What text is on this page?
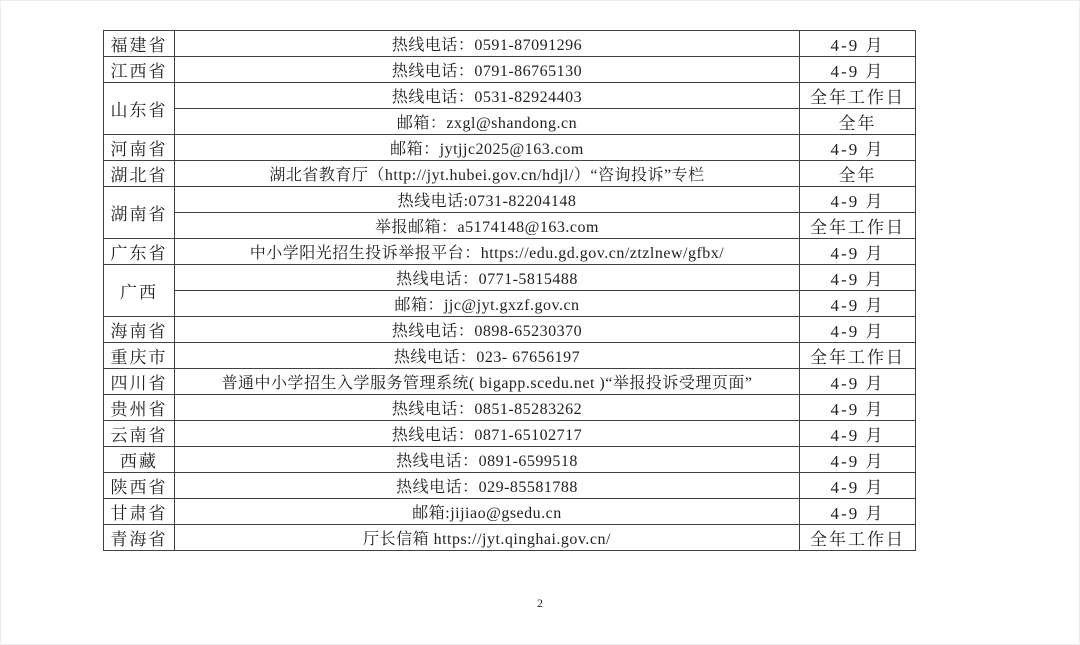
福建省	热线电话：0591-87091296	4-9 月
江西省	热线电话：0791-86765130	4-9 月
山东省	热线电话：0531-82924403	全年工作日
	邮箱：zxgl@shandong.cn	全年
河南省	邮箱：jytjjc2025@163.com	4-9 月
湖北省	湖北省教育厅（http://jyt.hubei.gov.cn/hdjl/）“咨询投诉”专栏	全年
湖南省	热线电话:0731-82204148	4-9 月
	举报邮箱：a5174148@163.com	全年工作日
广东省	中小学阳光招生投诉举报平台：https://edu.gd.gov.cn/ztzlnew/gfbx/	4-9 月
广西	热线电话：0771-5815488	4-9 月
	邮箱：jjc@jyt.gxzf.gov.cn	4-9 月
海南省	热线电话：0898-65230370	4-9 月
重庆市	热线电话：023- 67656197	全年工作日
四川省	普通中小学招生入学服务管理系统( bigapp.scedu.net )“举报投诉受理页面”	4-9 月
贵州省	热线电话：0851-85283262	4-9 月
云南省	热线电话：0871-65102717	4-9 月
西藏	热线电话：0891-6599518	4-9 月
陕西省	热线电话：029-85581788	4-9 月
甘肃省	邮箱:jijiao@gsedu.cn	4-9 月
青海省	厅长信箱 https://jyt.qinghai.gov.cn/	全年工作日
2
